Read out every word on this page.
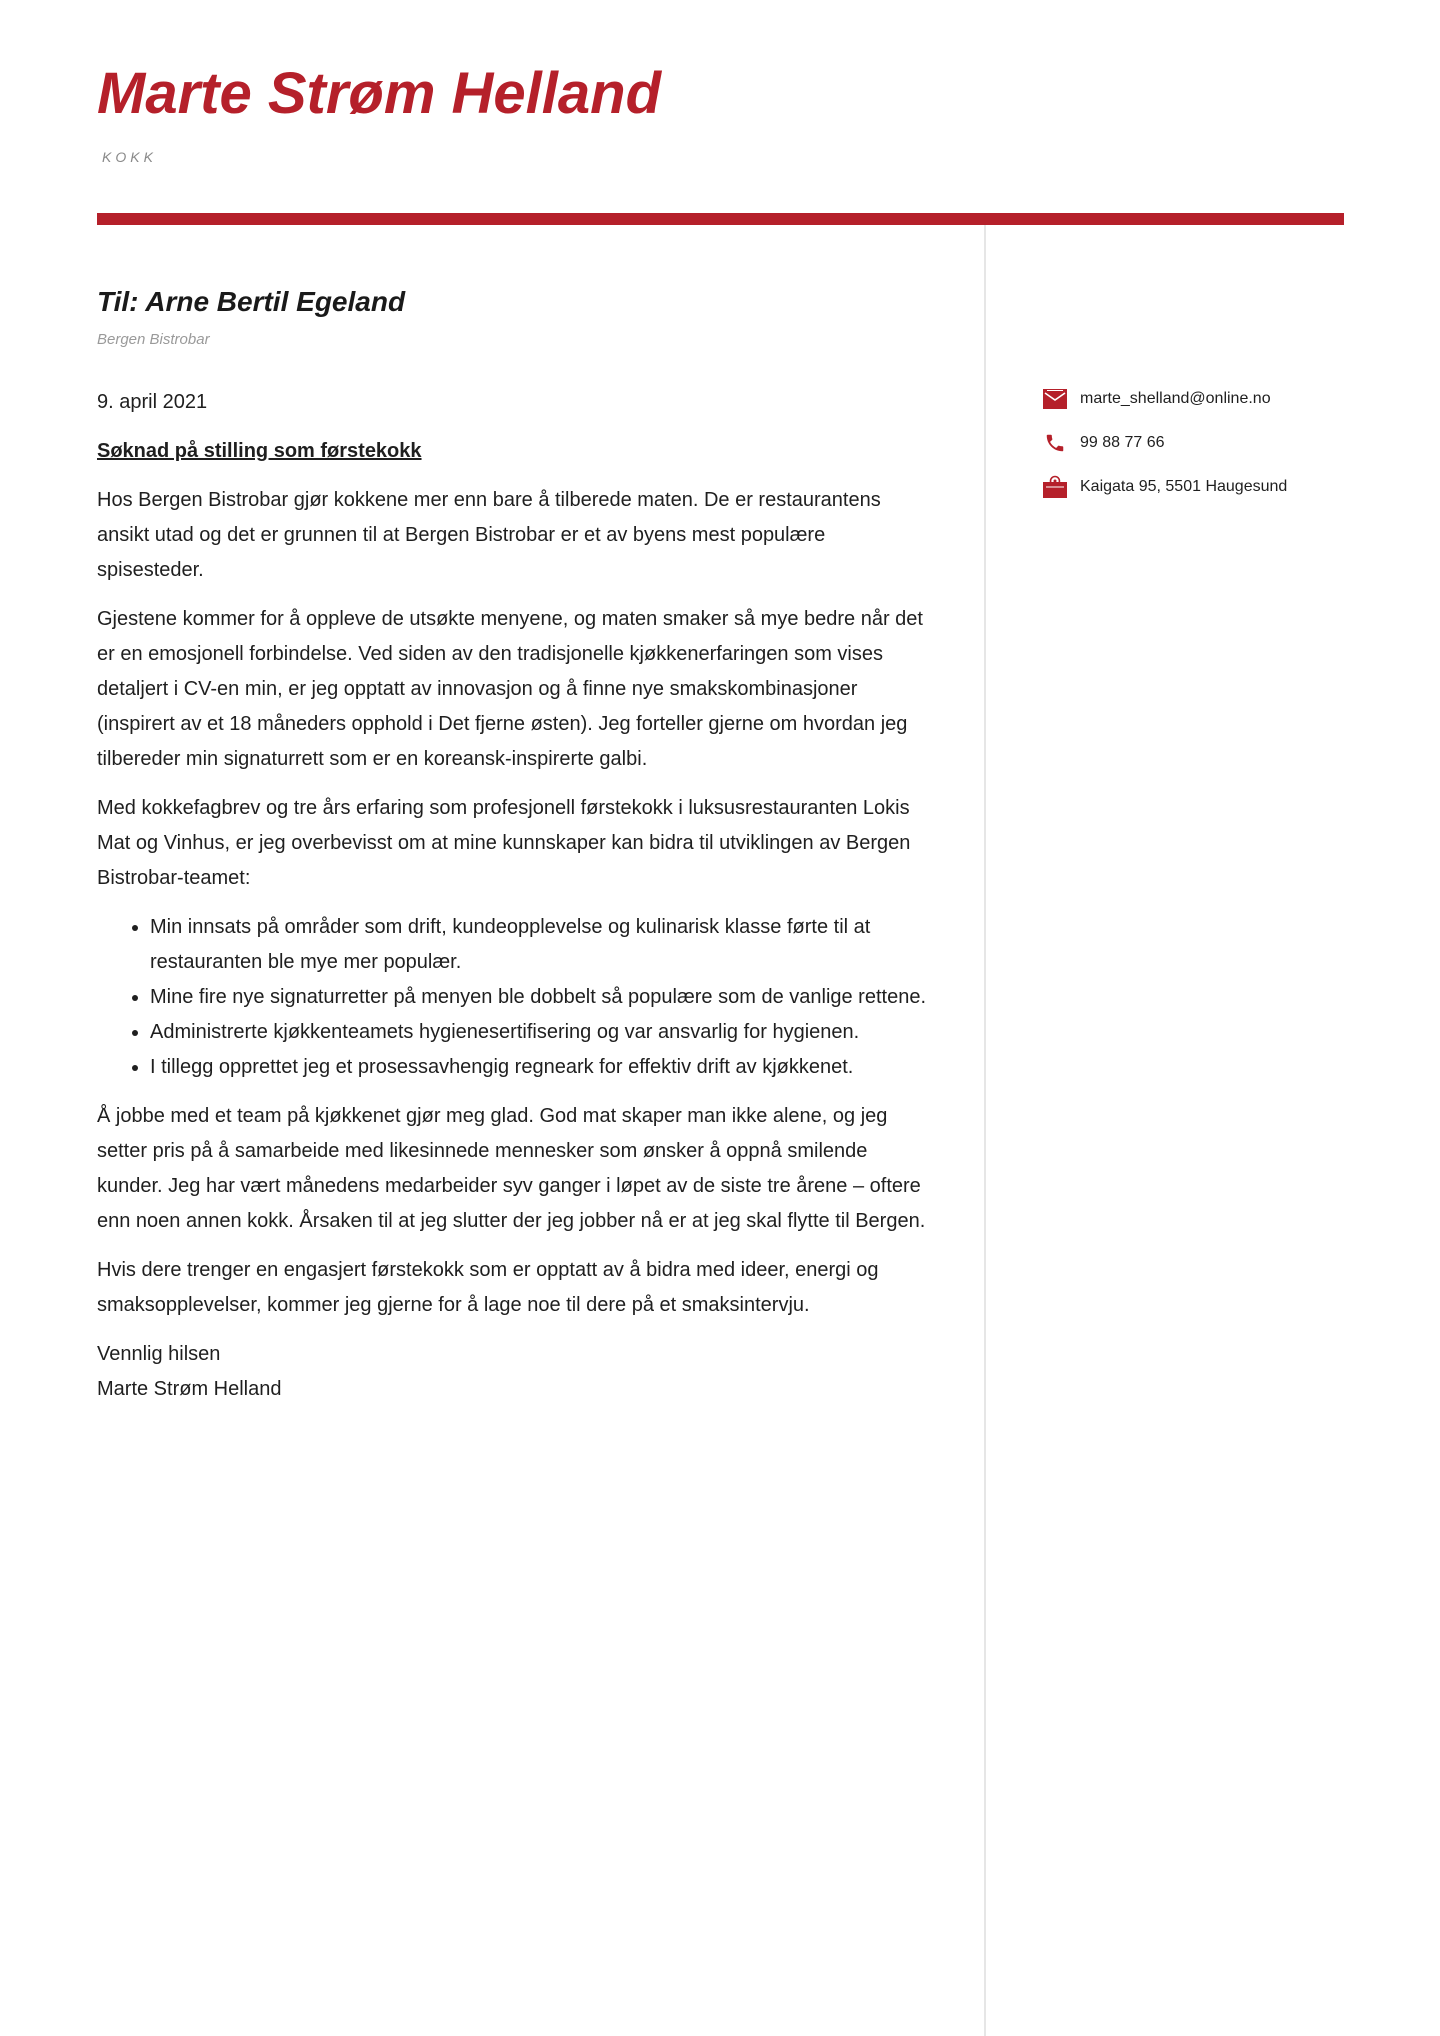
Marte Strøm Helland
KOKK
Til: Arne Bertil Egeland
Bergen Bistrobar

9. april 2021

Søknad på stilling som førstekokk

Hos Bergen Bistrobar gjør kokkene mer enn bare å tilberede maten. De er restaurantens ansikt utad og det er grunnen til at Bergen Bistrobar er et av byens mest populære spisesteder.

Gjestene kommer for å oppleve de utsøkte menyene, og maten smaker så mye bedre når det er en emosjonell forbindelse. Ved siden av den tradisjonelle kjøkkenerfaringen som vises detaljert i CV-en min, er jeg opptatt av innovasjon og å finne nye smakskombinasjoner (inspirert av et 18 måneders opphold i Det fjerne østen). Jeg forteller gjerne om hvordan jeg tilbereder min signaturrett som er en koreansk-inspirerte galbi.

Med kokkefagbrev og tre års erfaring som profesjonell førstekokk i luksusrestauranten Lokis Mat og Vinhus, er jeg overbevisst om at mine kunnskaper kan bidra til utviklingen av Bergen Bistrobar-teamet:

• Min innsats på områder som drift, kundeopplevelse og kulinarisk klasse førte til at restauranten ble mye mer populær.
• Mine fire nye signaturretter på menyen ble dobbelt så populære som de vanlige rettene.
• Administrerte kjøkkenteamets hygienesertifisering og var ansvarlig for hygienen.
• I tillegg opprettet jeg et prosessavhengig regneark for effektiv drift av kjøkkenet.

Å jobbe med et team på kjøkkenet gjør meg glad. God mat skaper man ikke alene, og jeg setter pris på å samarbeide med likesinnede mennesker som ønsker å oppnå smilende kunder. Jeg har vært månedens medarbeider syv ganger i løpet av de siste tre årene – oftere enn noen annen kokk. Årsaken til at jeg slutter der jeg jobber nå er at jeg skal flytte til Bergen.

Hvis dere trenger en engasjert førstekokk som er opptatt av å bidra med ideer, energi og smaksopplevelser, kommer jeg gjerne for å lage noe til dere på et smaksintervju.

Vennlig hilsen
Marte Strøm Helland
marte_shelland@online.no
99 88 77 66
Kaigata 95, 5501 Haugesund
